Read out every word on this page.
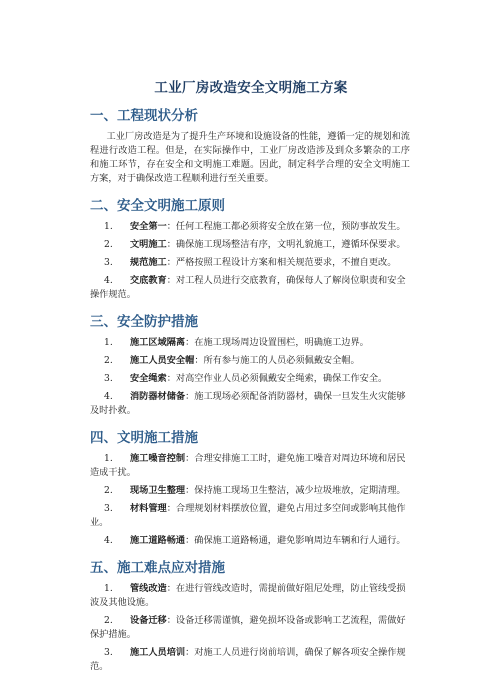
工业厂房改造安全文明施工方案
一、工程现状分析

工业厂房改造是为了提升生产环境和设施设备的性能，遵循一定的规划和流程进行改造工程。但是，在实际操作中，工业厂房改造涉及到众多繁杂的工序和施工环节，存在安全和文明施工难题。因此，制定科学合理的安全文明施工方案，对于确保改造工程顺利进行至关重要。

二、安全文明施工原则
1. 安全第一：任何工程施工都必须将安全放在第一位，预防事故发生。
2. 文明施工：确保施工现场整洁有序，文明礼貌施工，遵循环保要求。
3. 规范施工：严格按照工程设计方案和相关规范要求，不擅自更改。
4. 交底教育：对工程人员进行交底教育，确保每人了解岗位职责和安全操作规范。
三、安全防护措施
1. 施工区域隔离：在施工现场周边设置围栏，明确施工边界。
2. 施工人员安全帽：所有参与施工的人员必须佩戴安全帽。
3. 安全绳索：对高空作业人员必须佩戴安全绳索，确保工作安全。
4. 消防器材储备：施工现场必须配备消防器材，确保一旦发生火灾能够及时扑救。
四、文明施工措施
1. 施工噪音控制：合理安排施工工时，避免施工噪音对周边环境和居民造成干扰。
2. 现场卫生整理：保持施工现场卫生整洁，减少垃圾堆放，定期清理。
3. 材料管理：合理规划材料摆放位置，避免占用过多空间或影响其他作业。
4. 施工道路畅通：确保施工道路畅通，避免影响周边车辆和行人通行。
五、施工难点应对措施
1. 管线改造：在进行管线改造时，需提前做好阻尼处理，防止管线受损波及其他设施。
2. 设备迁移：设备迁移需谨慎，避免损坏设备或影响工艺流程，需做好保护措施。
3. 施工人员培训：对施工人员进行岗前培训，确保了解各项安全操作规范。
